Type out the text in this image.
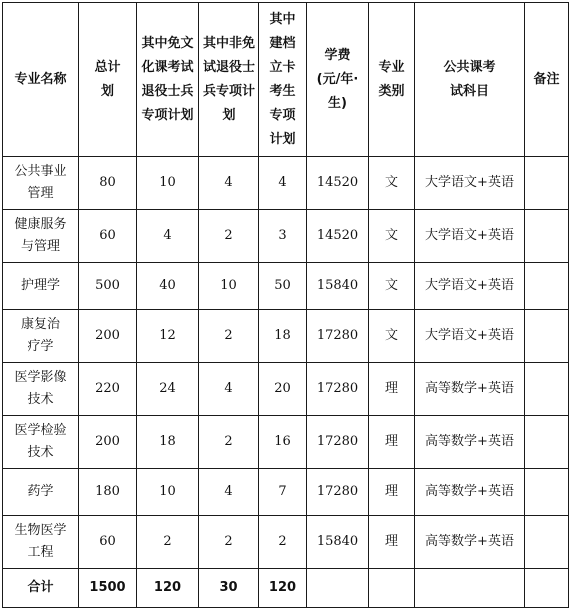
专业名称	总计划	其中免文化课考试退役士兵专项计划	其中非免试退役士兵专项计划	其中建档立卡考生专项计划	学费(元/年·生)	专业类别	公共课考试科目	备注
公共事业管理	80	10	4	4	14520	文	大学语文+英语	
健康服务与管理	60	4	2	3	14520	文	大学语文+英语	
护理学	500	40	10	50	15840	文	大学语文+英语	
康复治疗学	200	12	2	18	17280	文	大学语文+英语	
医学影像技术	220	24	4	20	17280	理	高等数学+英语	
医学检验技术	200	18	2	16	17280	理	高等数学+英语	
药学	180	10	4	7	17280	理	高等数学+英语	
生物医学工程	60	2	2	2	15840	理	高等数学+英语	
合计	1500	120	30	120				
